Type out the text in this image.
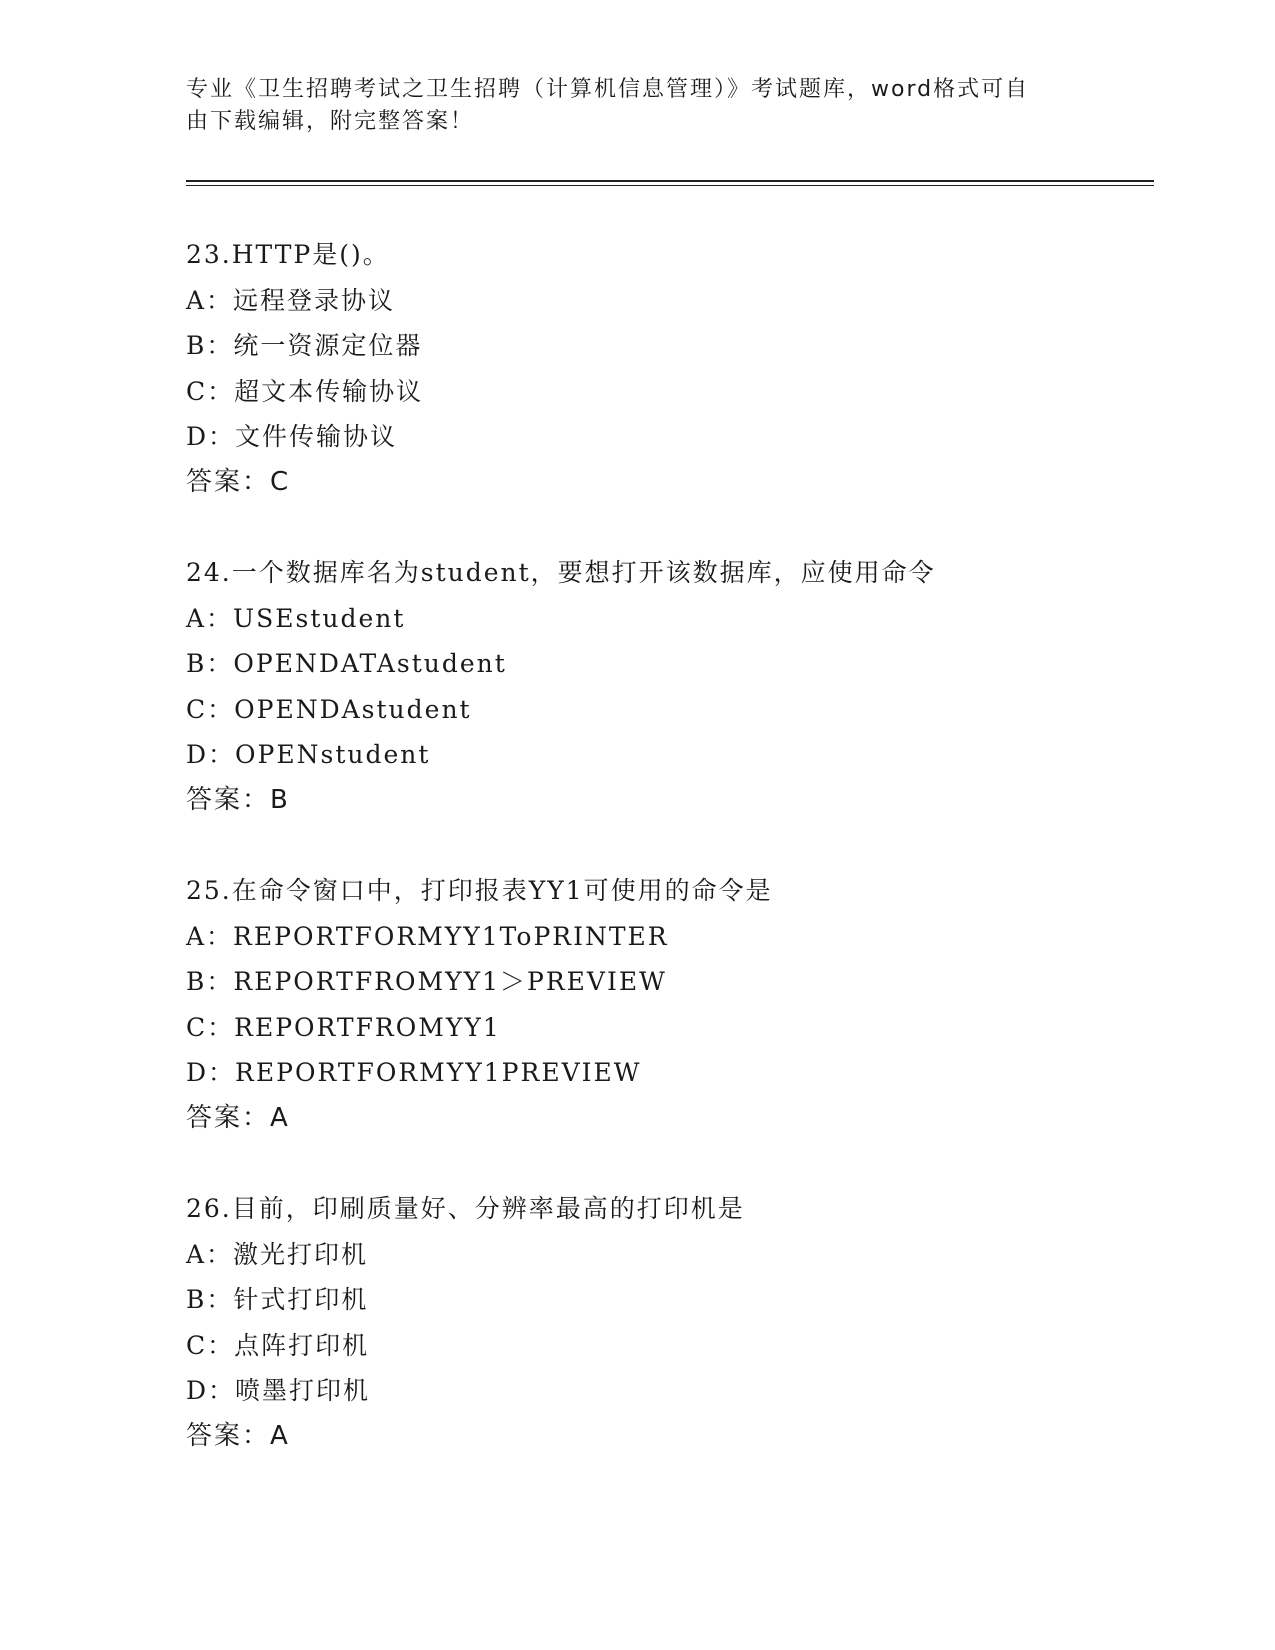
专业《卫生招聘考试之卫生招聘（计算机信息管理）》考试题库，word格式可自
由下载编辑，附完整答案！
23.HTTP是()。
A：远程登录协议
B：统一资源定位器
C：超文本传输协议
D：文件传输协议
答案：C
24.一个数据库名为student，要想打开该数据库，应使用命令
A：USEstudent
B：OPENDATAstudent
C：OPENDAstudent
D：OPENstudent
答案：B
25.在命令窗口中，打印报表YY1可使用的命令是
A：REPORTFORMYY1ToPRINTER
B：REPORTFROMYY1＞PREVIEW
C：REPORTFROMYY1
D：REPORTFORMYY1PREVIEW
答案：A
26.目前，印刷质量好、分辨率最高的打印机是
A：激光打印机
B：针式打印机
C：点阵打印机
D：喷墨打印机
答案：A
